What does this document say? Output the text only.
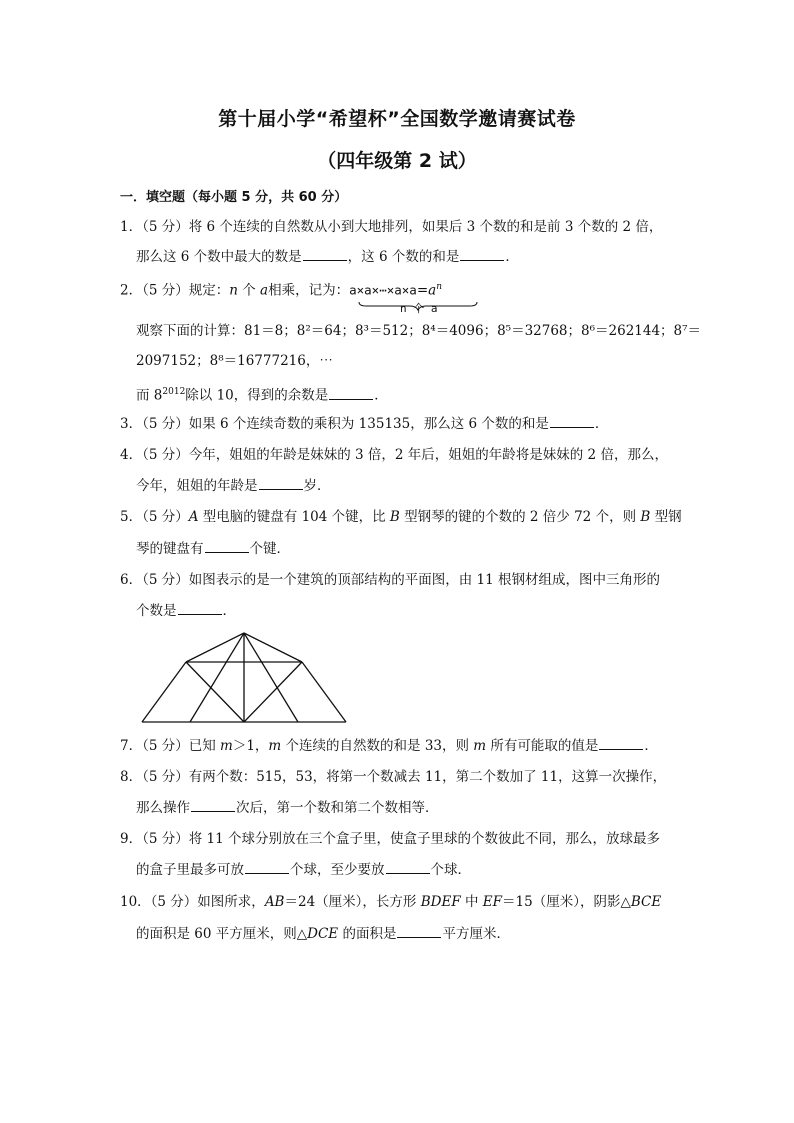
第十届小学“希望杯”全国数学邀请赛试卷
（四年级第 2 试）
一．填空题（每小题 5 分，共 60 分）
1．（5 分）将 6 个连续的自然数从小到大地排列，如果后 3 个数的和是前 3 个数的 2 倍，
那么这 6 个数中最大的数是	，这 6 个数的和是	．
2．（5 分）规定：n 个 a相乘，记为：$a\times a\times\cdots\times a\times a=a^n$
n 个 a
观察下面的计算：81＝8；8²＝64；8³＝512；8⁴＝4096；8⁵＝32768；8⁶＝262144；8⁷＝
2097152；8⁸＝16777216，⋯
而 $8^{2012}$除以 10，得到的余数是	．
3．（5 分）如果 6 个连续奇数的乘积为 135135，那么这 6 个数的和是	．
4．（5 分）今年，姐姐的年龄是妹妹的 3 倍，2 年后，姐姐的年龄将是妹妹的 2 倍，那么，
今年，姐姐的年龄是	岁．
5．（5 分）A 型电脑的键盘有 104 个键，比 B 型钢琴的键的个数的 2 倍少 72 个，则 B 型钢
琴的键盘有	个键．
6．（5 分）如图表示的是一个建筑的顶部结构的平面图，由 11 根钢材组成，图中三角形的
个数是	．
7．（5 分）已知 m＞1，m 个连续的自然数的和是 33，则 m 所有可能取的值是	．
8．（5 分）有两个数：515，53，将第一个数减去 11，第二个数加了 11，这算一次操作，
那么操作	次后，第一个数和第二个数相等．
9．（5 分）将 11 个球分别放在三个盒子里，使盒子里球的个数彼此不同，那么，放球最多
的盒子里最多可放	个球，至少要放	个球．
10．（5 分）如图所求，AB＝24（厘米），长方形 BDEF 中 EF＝15（厘米），阴影△BCE
的面积是 60 平方厘米，则△DCE 的面积是	平方厘米．
